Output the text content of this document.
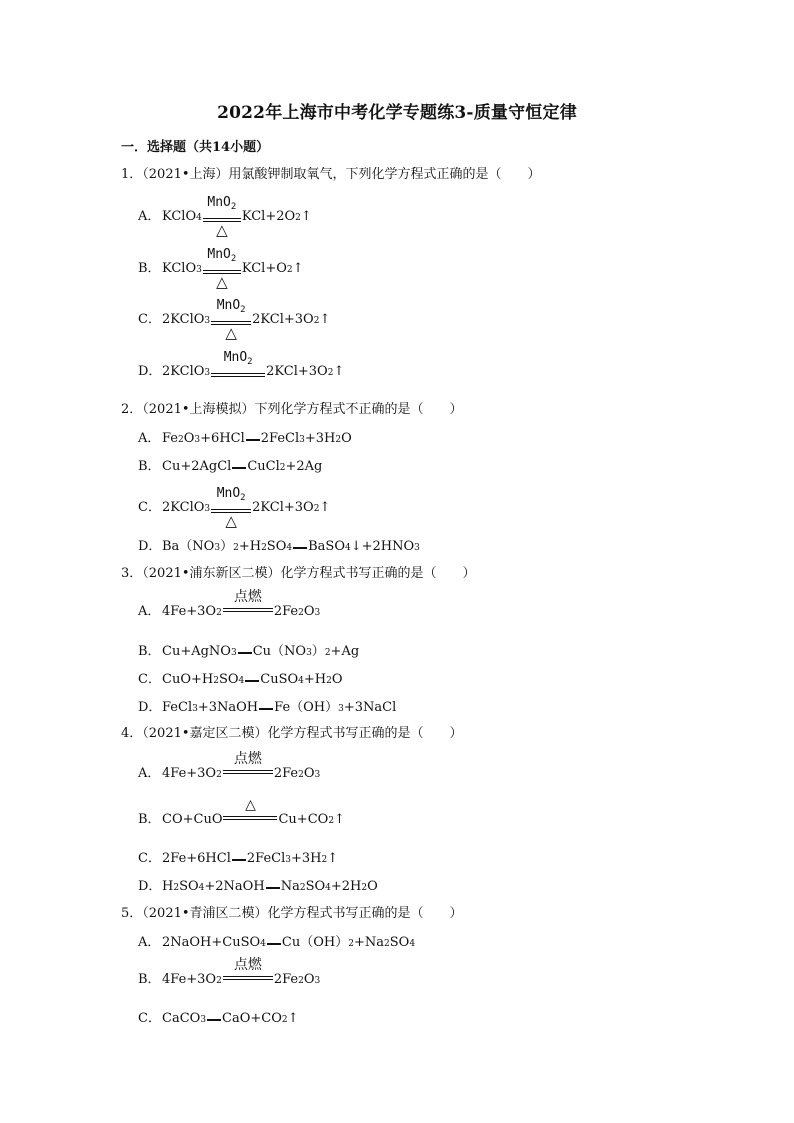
2022年上海市中考化学专题练3-质量守恒定律
一．选择题（共14小题）
1．（2021•上海）用氯酸钾制取氧气，下列化学方程式正确的是（　　）
A． KClO 4
MnO$_2$
△
KCl+2O 2 ↑
B． KClO 3
MnO$_2$
△
KCl+O 2 ↑
C． 2KClO 3
MnO$_2$
△
2KCl+3O 2 ↑
D． 2KClO 3
MnO$_2$
2KCl+3O 2 ↑
2．（2021•上海模拟）下列化学方程式不正确的是（　　）
A． Fe 2 O 3 +6HCl 2FeCl 3 +3H 2 O
B．Cu+2AgCl CuCl 2 +2Ag
C． 2KClO 3
MnO$_2$
△
2KCl+3O 2 ↑
D．Ba（NO 3 ） 2 +H 2 SO 4 BaSO 4 ↓+2HNO 3
3．（2021•浦东新区二模）化学方程式书写正确的是（　　）
A． 4Fe+3O 2
点燃
2Fe 2 O 3
B．Cu+AgNO 3 Cu（NO 3 ） 2 +Ag
C．CuO+H 2 SO 4 CuSO 4 +H 2 O
D．FeCl 3 +3NaOH Fe（OH） 3 +3NaCl
4．（2021•嘉定区二模）化学方程式书写正确的是（　　）
A． 4Fe+3O 2
点燃
2Fe 2 O 3
B．CO+CuO
△
Cu+CO 2 ↑
C．2Fe+6HCl 2FeCl 3 +3H 2 ↑
D．H 2 SO 4 +2NaOH Na 2 SO 4 +2H 2 O
5．（2021•青浦区二模）化学方程式书写正确的是（　　）
A． 2NaOH+CuSO 4 Cu（OH） 2 +Na 2 SO 4
B．4Fe+3O 2
点燃
2Fe 2 O 3
C．CaCO 3 CaO+CO 2 ↑
